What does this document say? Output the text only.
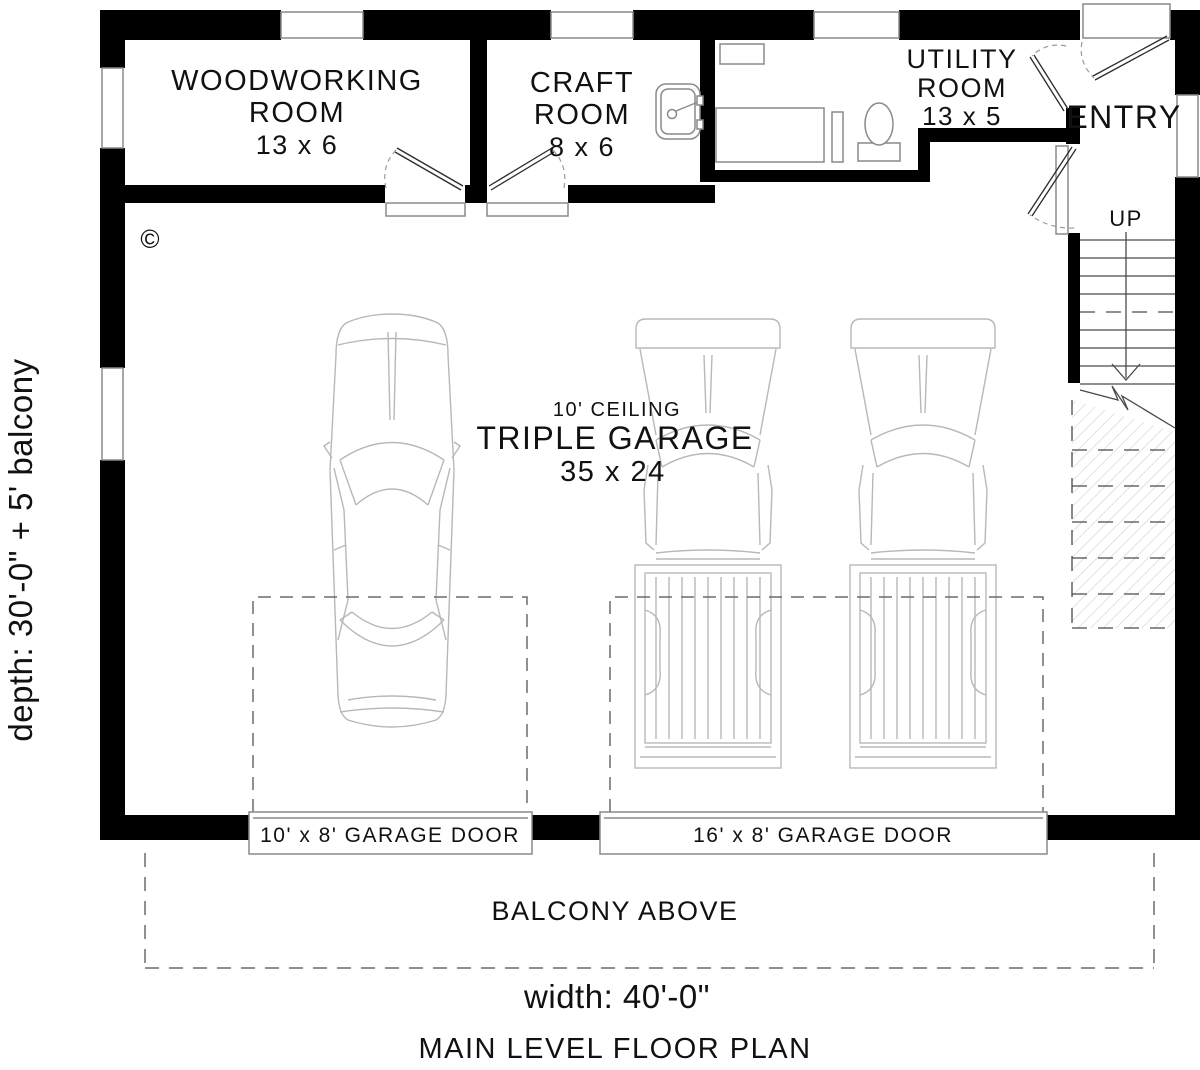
10' x 8' GARAGE DOOR	16' x 8' GARAGE DOOR
WOODWORKING
ROOM
13 x 6
CRAFT
ROOM
8 x 6
UTILITY
ROOM
13 x 5 ENTRY
UP
10' CEILING
TRIPLE GARAGE
35 x 24
©
BALCONY ABOVE
width: 40'-0"
depth: 30'-0" + 5' balcony
MAIN LEVEL FLOOR PLAN
